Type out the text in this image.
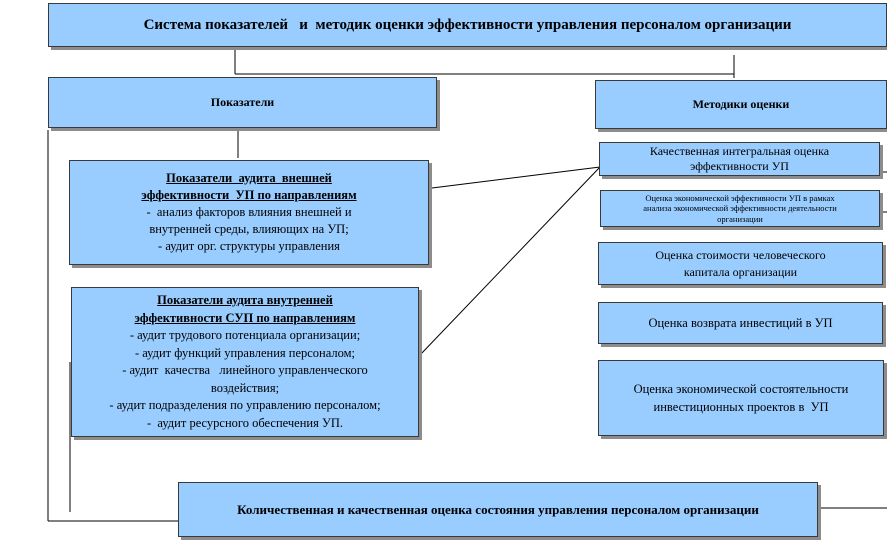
Система показателей   и  методик оценки эффективности управления персоналом организации
Показатели	Методики оценки
Показатели  аудита  внешней
эффективности  УП по направлениям
-  анализ факторов влияния внешней и
внутренней среды, влияющих на УП;
- аудит орг. структуры управления
Показатели аудита внутренней
эффективности СУП по направлениям
- аудит трудового потенциала организации;
- аудит функций управления персоналом;
- аудит  качества   линейного управленческого
воздействия;
- аудит подразделения по управлению персоналом;
-  аудит ресурсного обеспечения УП.
Качественная интегральная оценка
эффективности УП
Оценка экономической эффективности УП в рамках
анализа экономической эффективности деятельности
организации
Оценка стоимости человеческого
капитала организации
Оценка возврата инвестиций в УП
Оценка экономической состоятельности
инвестиционных проектов в  УП
Количественная и качественная оценка состояния управления персоналом организации
